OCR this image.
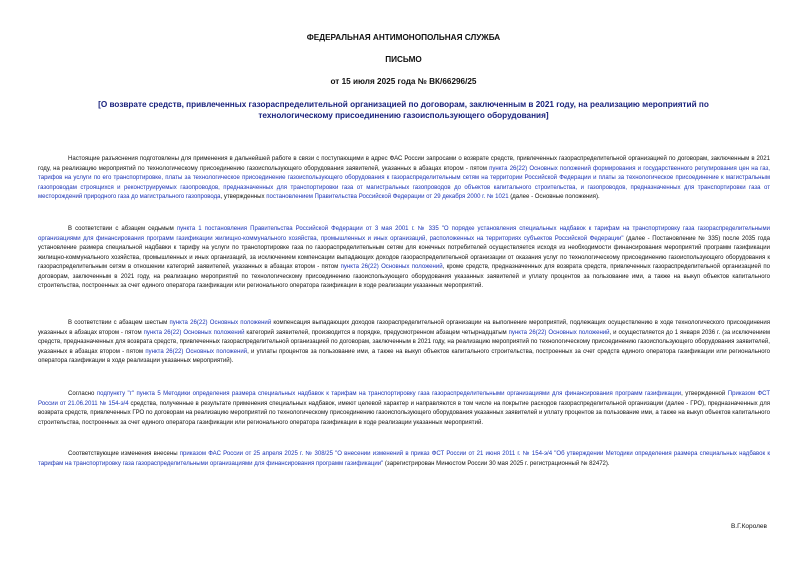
ФЕДЕРАЛЬНАЯ АНТИМОНОПОЛЬНАЯ СЛУЖБА
ПИСЬМО
от 15 июля 2025 года № ВК/66296/25
[О возврате средств, привлеченных газораспределительной организацией по договорам, заключенным в 2021 году, на реализацию мероприятий по технологическому присоединению газоиспользующего оборудования]

Настоящие разъяснения подготовлены для применения в дальнейшей работе в связи с поступающими в адрес ФАС России запросами о возврате средств, привлеченных газораспределительной организацией по договорам, заключенным в 2021 году, на реализацию мероприятий по технологическому присоединению газоиспользующего оборудования заявителей, указанных в абзацах втором - пятом пункта 26(22) Основных положений формирования и государственного регулирования цен на газ, тарифов на услуги по его транспортировке, платы за технологическое присоединение газоиспользующего оборудования к газораспределительным сетям на территории Российской Федерации и платы за технологическое присоединение к магистральным газопроводам строящихся и реконструируемых газопроводов, предназначенных для транспортировки газа от магистральных газопроводов до объектов капитального строительства, и газопроводов, предназначенных для транспортировки газа от месторождений природного газа до магистрального газопровода, утвержденных постановлением Правительства Российской Федерации от 29 декабря 2000 г. № 1021 (далее - Основные положения).

В соответствии с абзацем седьмым пункта 1 постановления Правительства Российской Федерации от 3 мая 2001 г. № 335 "О порядке установления специальных надбавок к тарифам на транспортировку газа газораспределительными организациями для финансирования программ газификации жилищно-коммунального хозяйства, промышленных и иных организаций, расположенных на территориях субъектов Российской Федерации" (далее - Постановление № 335) после 2035 года установление размера специальной надбавки к тарифу на услуги по транспортировке газа по газораспределительным сетям для конечных потребителей осуществляется исходя из необходимости финансирования мероприятий программ газификации жилищно-коммунального хозяйства, промышленных и иных организаций, за исключением компенсации выпадающих доходов газораспределительной организации от оказания услуг по технологическому присоединению газоиспользующего оборудования к газораспределительным сетям в отношении категорий заявителей, указанных в абзацах втором - пятом пункта 26(22) Основных положений, кроме средств, предназначенных для возврата средств, привлеченных газораспределительной организацией по договорам, заключенным в 2021 году, на реализацию мероприятий по технологическому присоединению газоиспользующего оборудования указанных заявителей и уплату процентов за пользование ими, а также на выкуп объектов капитального строительства, построенных за счет единого оператора газификации или регионального оператора газификации в ходе реализации указанных мероприятий.

В соответствии с абзацем шестым пункта 26(22) Основных положений компенсация выпадающих доходов газораспределительной организации на выполнение мероприятий, подлежащих осуществлению в ходе технологического присоединения указанных в абзацах втором - пятом пункта 26(22) Основных положений категорий заявителей, производится в порядке, предусмотренном абзацем четырнадцатым пункта 26(22) Основных положений, и осуществляется до 1 января 2036 г. (за исключением средств, предназначенных для возврата средств, привлеченных газораспределительной организацией по договорам, заключенным в 2021 году, на реализацию мероприятий по технологическому присоединению газоиспользующего оборудования заявителей, указанных в абзацах втором - пятом пункта 26(22) Основных положений, и уплаты процентов за пользование ими, а также на выкуп объектов капитального строительства, построенных за счет средств единого оператора газификации или регионального оператора газификации в ходе реализации указанных мероприятий).

Согласно подпункту "г" пункта 5 Методики определения размера специальных надбавок к тарифам на транспортировку газа газораспределительными организациями для финансирования программ газификации, утвержденной Приказом ФСТ России от 21.06.2011 № 154-э/4 средства, полученные в результате применения специальных надбавок, имеют целевой характер и направляются в том числе на покрытие расходов газораспределительной организации (далее - ГРО), предназначенных для возврата средств, привлеченных ГРО по договорам на реализацию мероприятий по технологическому присоединению газоиспользующего оборудования указанных заявителей и уплату процентов за пользование ими, а также на выкуп объектов капитального строительства, построенных за счет единого оператора газификации или регионального оператора газификации в ходе реализации указанных мероприятий.

Соответствующие изменения внесены приказом ФАС России от 25 апреля 2025 г. № 308/25 "О внесении изменений в приказ ФСТ России от 21 июня 2011 г. № 154-э/4 "Об утверждении Методики определения размера специальных надбавок к тарифам на транспортировку газа газораспределительными организациями для финансирования программ газификации" (зарегистрирован Минюстом России 30 мая 2025 г. регистрационный № 82472).

В.Г.Королев
